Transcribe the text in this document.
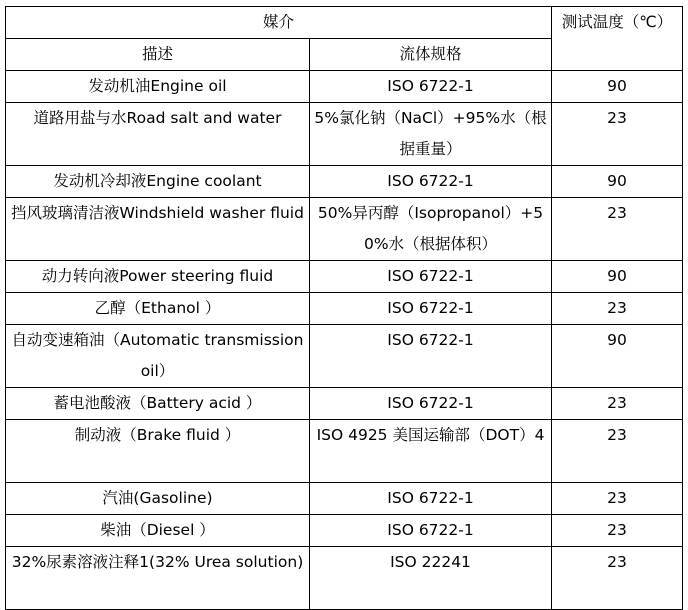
媒介		测试温度（℃）
描述	流体规格	
发动机油Engine oil	ISO 6722-1	90
道路用盐与水Road salt and water	5%氯化钠（NaCl）+95%水（根据重量）	23
发动机冷却液Engine coolant	ISO 6722-1	90
挡风玻璃清洁液Windshield washer fluid	50%异丙醇（Isopropanol）+50%水（根据体积）	23
动力转向液Power steering fluid	ISO 6722-1	90
乙醇（Ethanol ）	ISO 6722-1	23
自动变速箱油（Automatic transmission oil）	ISO 6722-1	90
蓄电池酸液（Battery acid ）	ISO 6722-1	23
制动液（Brake fluid ）	ISO 4925 美国运输部（DOT）4	23
汽油(Gasoline)	ISO 6722-1	23
柴油（Diesel ）	ISO 6722-1	23
32%尿素溶液注释1(32% Urea solution)	ISO 22241	23
